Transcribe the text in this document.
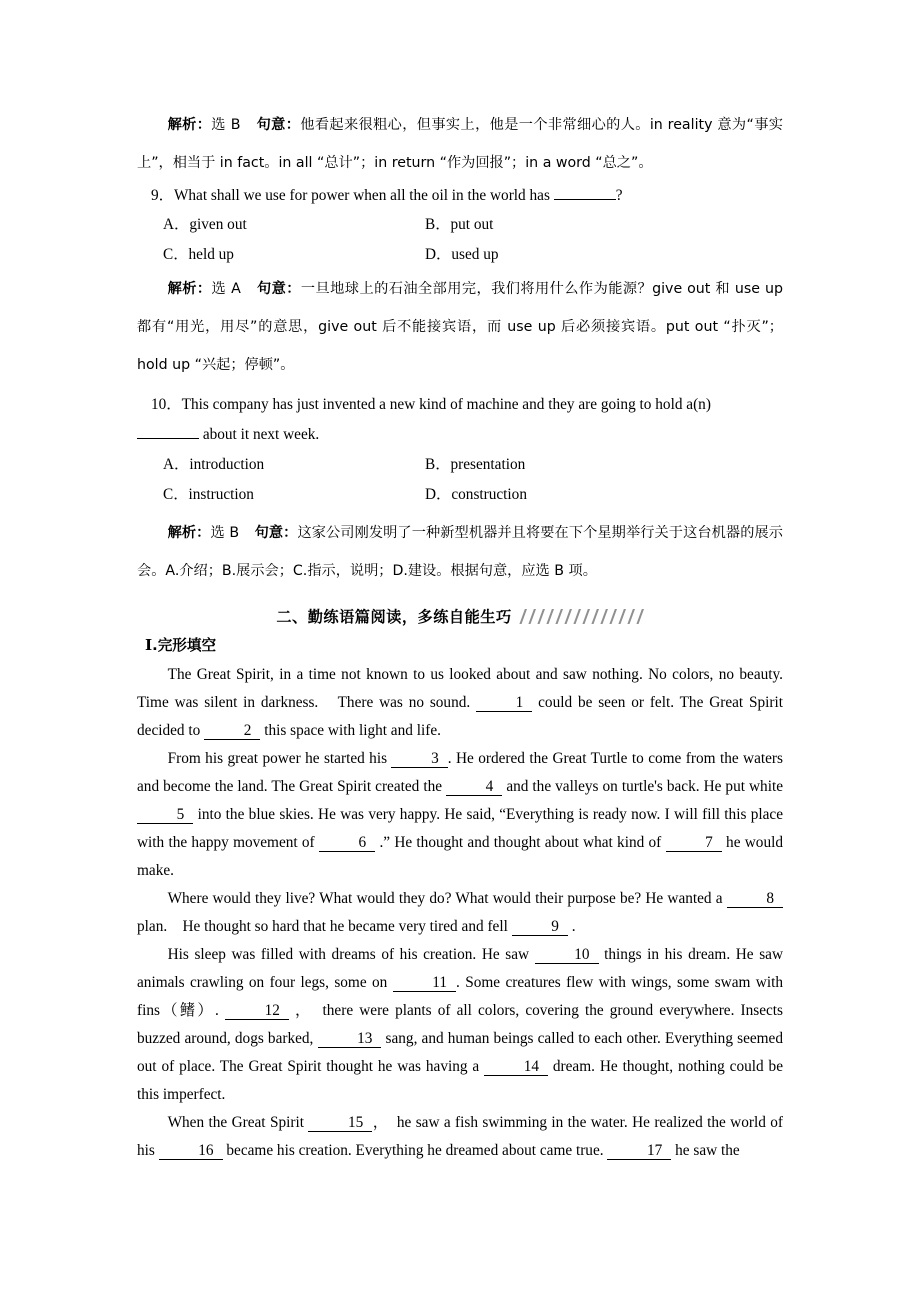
解析：选 B　 句意：他看起来很粗心，但事实上，他是一个非常细心的人。in reality 意为“事实上”，相当于 in fact。in all “总计”；in return “作为回报”；in a word “总之”。

9．What shall we use for power when all the oil in the world has	?

A．given out	B．put out
C．held up	D．used up

解析：选 A　 句意：一旦地球上的石油全部用完，我们将用什么作为能源？give out 和 use up 都有“用光，用尽”的意思，give out 后不能接宾语，而 use up 后必须接宾语。put out “扑灭”；hold up “兴起；停顿”。

10．This company has just invented a new kind of machine and they are going to hold a(n)

about it next week.

A．introduction	B．presentation
C．instruction	D．construction

解析：选 B　 句意：这家公司刚发明了一种新型机器并且将要在下个星期举行关于这台机器的展示会。A.介绍；B.展示会；C.指示，说明；D.建设。根据句意，应选 B 项。

二、勤练语篇阅读，多练自能生巧

Ⅰ.完形填空

The Great Spirit, in a time not known to us looked about and saw nothing. No colors, no beauty. Time was silent in darkness.　There was no sound.	1 could be seen or felt. The Great Spirit decided to	2 this space with light and life.

From his great power he started his	3 . He ordered the Great Turtle to come from the waters and become the land. The Great Spirit created the	4 and the valleys on turtle's back. He put white 5 into the blue skies. He was very happy. He said, “Everything is ready now. I will fill this place with the happy movement of	6 .” He thought and thought about what kind of	7 he would make.

Where would they live? What would they do? What would their purpose be? He wanted a	8 plan.　He thought so hard that he became very tired and fell	9 .

His sleep was filled with dreams of his creation. He saw	10 things in his dream. He saw animals crawling on four legs, some on	11 . Some creatures flew with wings, some swam with fins（鳍）.	12 ，　there were plants of all colors, covering the ground everywhere. Insects buzzed around, dogs barked,	13 sang, and human beings called to each other. Everything seemed out of place. The Great Spirit thought he was having a	14 dream. He thought, nothing could be this imperfect.

When the Great Spirit	15 ，　he saw a fish swimming in the water. He realized the world of his	16 became his creation. Everything he dreamed about came true.	17 he saw the
